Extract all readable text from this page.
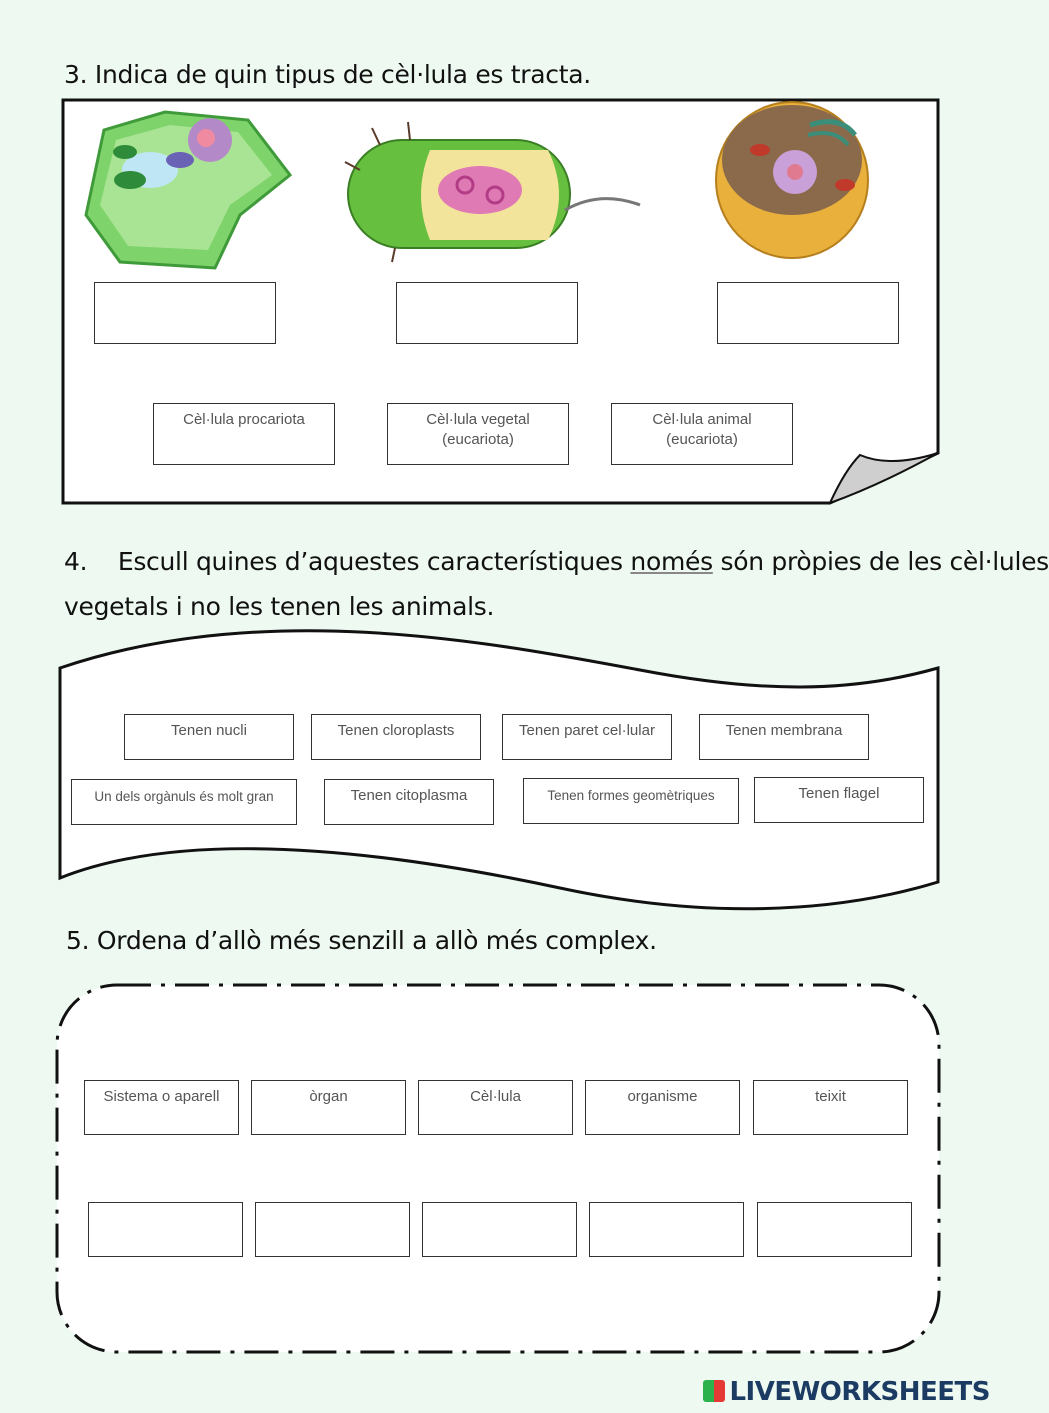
3. Indica de quin tipus de cèl·lula es tracta.
Cèl·lula procariota	Cèl·lula vegetal
(eucariota)
Cèl·lula animal
(eucariota)
4.    Escull quines d’aquestes característiques només són pròpies de les cèl·lules
vegetals i no les tenen les animals.
Tenen nucli	Tenen cloroplasts	Tenen paret cel·lular	Tenen membrana
Un dels orgànuls és molt gran	Tenen citoplasma	Tenen formes geomètriques	Tenen flagel
5. Ordena d’allò més senzill a allò més complex.
Sistema o aparell	òrgan	Cèl·lula	organisme	teixit
LIVEWORKSHEETS
